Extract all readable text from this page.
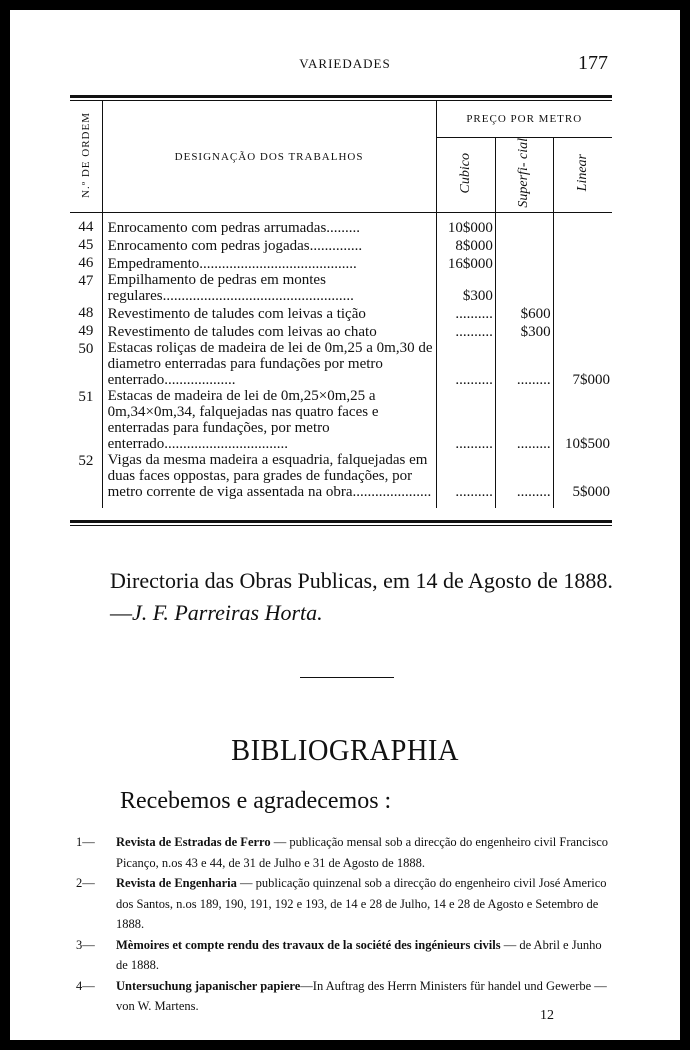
VARIEDADES	177
N.º DE ORDEM	DESIGNAÇÃO DOS TRABALHOS	PREÇO POR METRO		
		Cubico	Superfi- cial	Linear
44	Enrocamento com pedras arrumadas.........	10$000		
45	Enrocamento com pedras jogadas..............	8$000		
46	Empedramento..........................................	16$000		
47	Empilhamento de pedras em montes regulares...................................................	$300		
48	Revestimento de taludes com leivas a tição	..........	$600	
49	Revestimento de taludes com leivas ao chato	..........	$300	
50	Estacas roliças de madeira de lei de 0m,25 a 0m,30 de diametro enterradas para fundações por metro enterrado...................	..........	.........	7$000
51	Estacas de madeira de lei de 0m,25×0m,25 a 0m,34×0m,34, falquejadas nas quatro faces e enterradas para fundações, por metro enterrado.................................	..........	.........	10$500
52	Vigas da mesma madeira a esquadria, falquejadas em duas faces oppostas, para grades de fundações, por metro corrente de viga assentada na obra.....................	..........	.........	5$000
Directoria das Obras Publicas, em 14 de Agosto de 1888.—J. F. Parreiras Horta.
BIBLIOGRAPHIA
Recebemos e agradecemos :
1— Revista de Estradas de Ferro — publicação mensal sob a direcção do engenheiro civil Francisco Picanço, n.os 43 e 44, de 31 de Julho e 31 de Agosto de 1888.
2— Revista de Engenharia — publicação quinzenal sob a direcção do engenheiro civil José Americo dos Santos, n.os 189, 190, 191, 192 e 193, de 14 e 28 de Julho, 14 e 28 de Agosto e Setembro de 1888.
3— Mèmoires et compte rendu des travaux de la société des ingénieurs civils — de Abril e Junho de 1888.
4— Untersuchung japanischer papiere—In Auftrag des Herrn Ministers für handel und Gewerbe — von W. Martens.
12
